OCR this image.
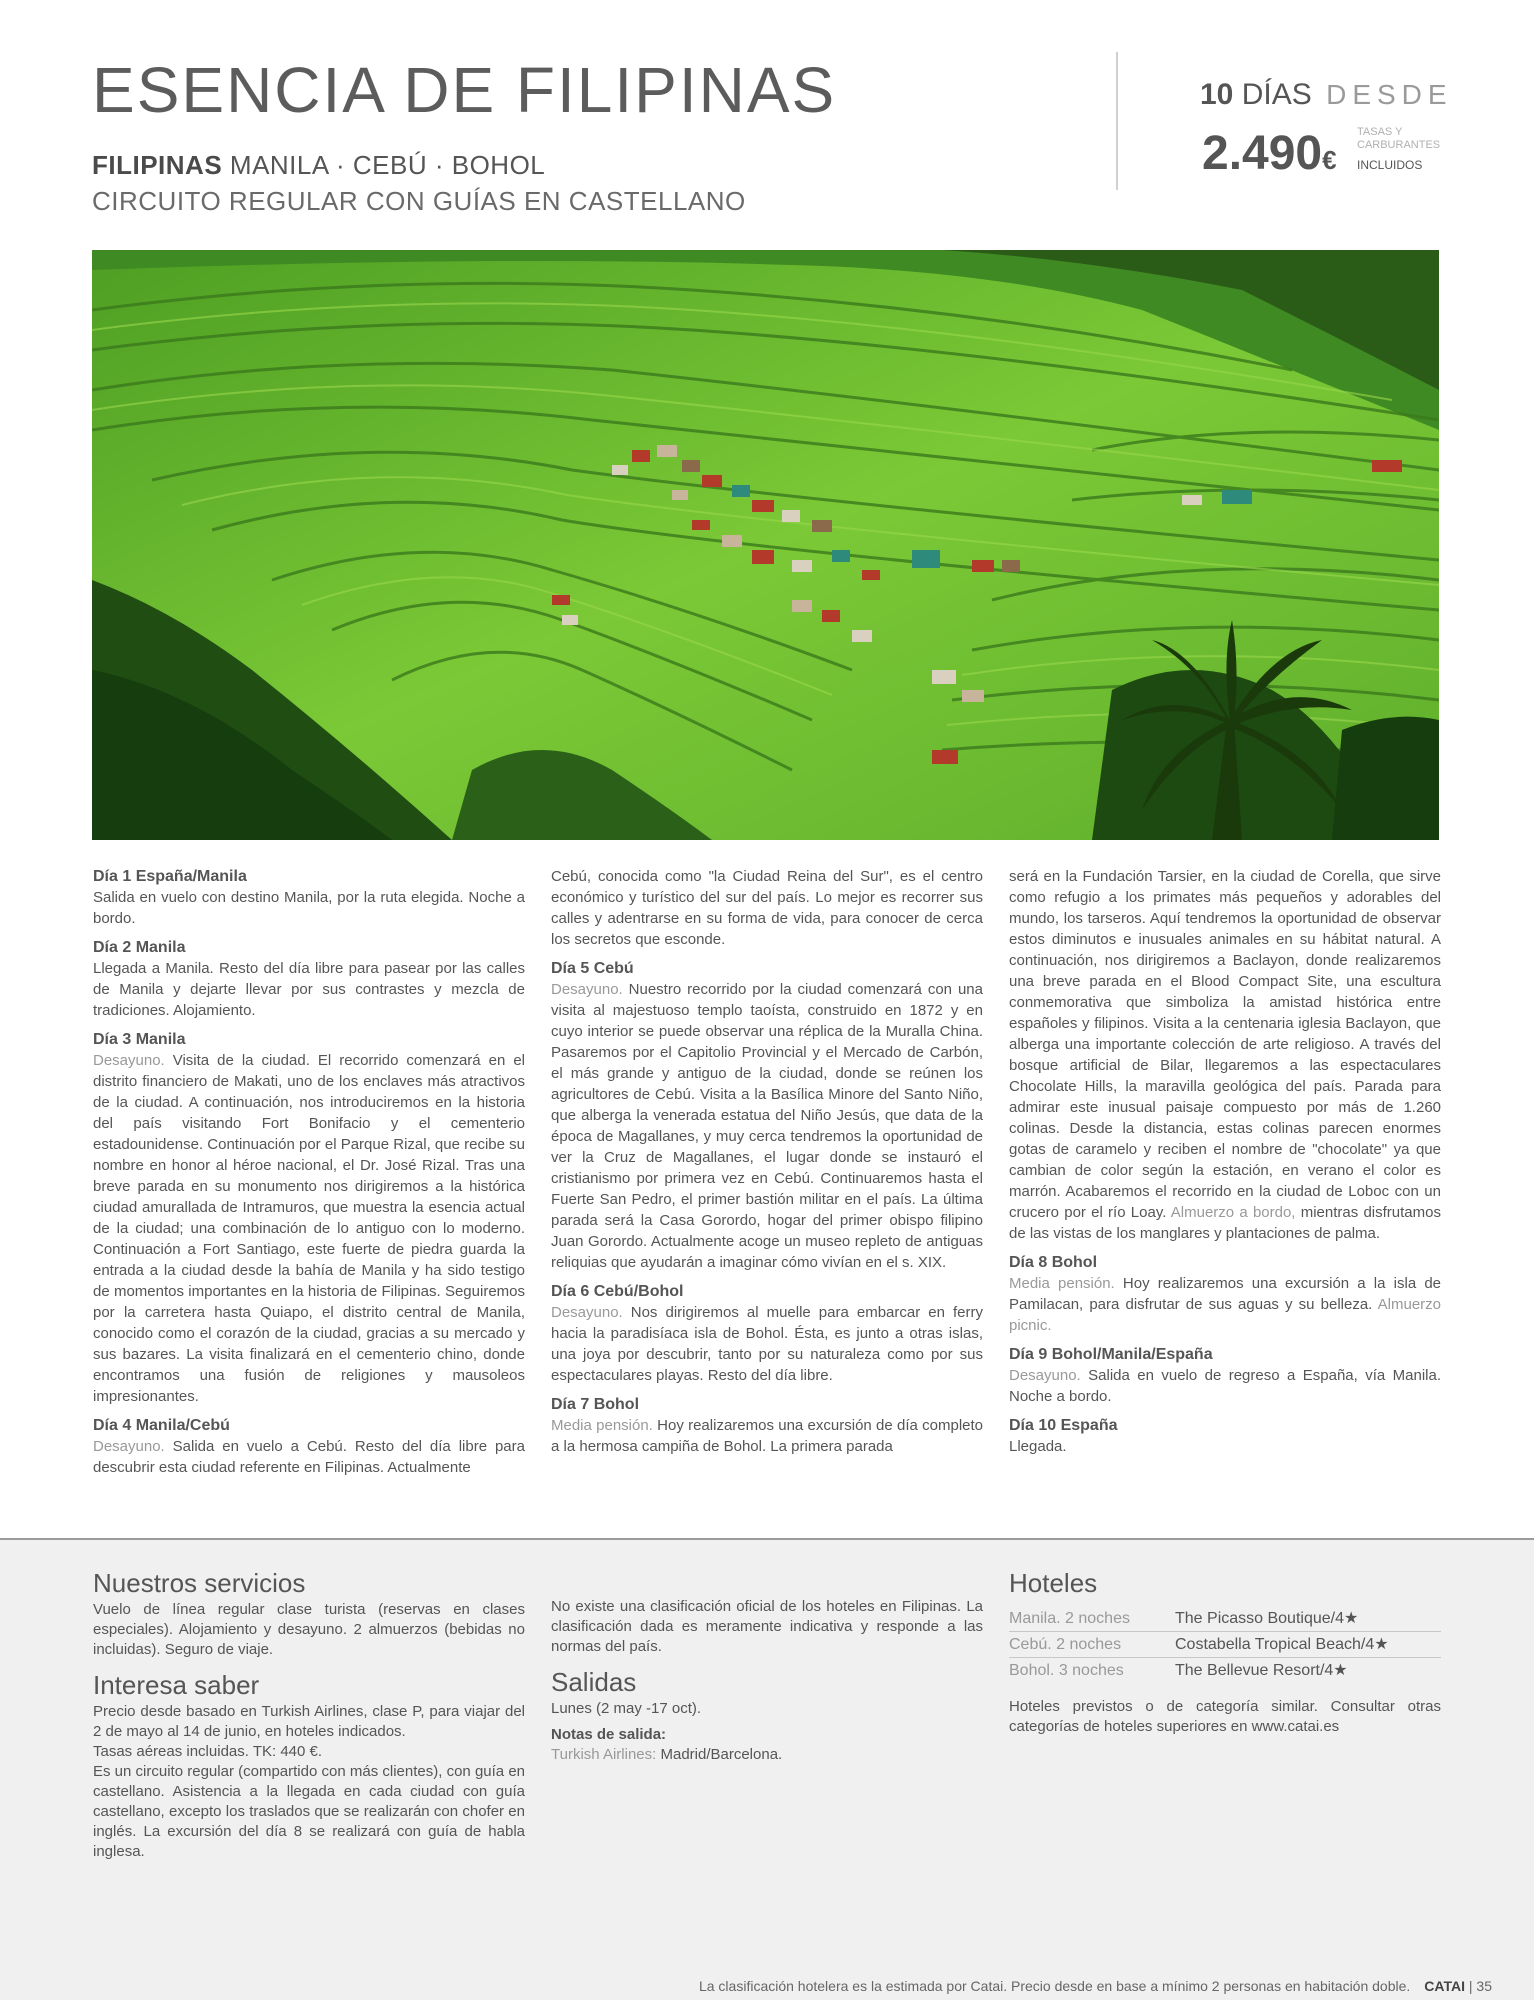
ESENCIA DE FILIPINAS
FILIPINAS MANILA · CEBÚ · BOHOL
CIRCUITO REGULAR CON GUÍAS EN CASTELLANO
10 DÍAS DESDE
2.490€
TASAS Y CARBURANTES
INCLUIDOS
Día 1 España/Manila

Salida en vuelo con destino Manila, por la ruta elegida. Noche a bordo.

Día 2 Manila

Llegada a Manila. Resto del día libre para pasear por las calles de Manila y dejarte llevar por sus contrastes y mezcla de tradiciones. Alojamiento.

Día 3 Manila

Desayuno. Visita de la ciudad. El recorrido comenzará en el distrito financiero de Makati, uno de los enclaves más atractivos de la ciudad. A continuación, nos introduciremos en la historia del país visitando Fort Bonifacio y el cementerio estadounidense. Continuación por el Parque Rizal, que recibe su nombre en honor al héroe nacional, el Dr. José Rizal. Tras una breve parada en su monumento nos dirigiremos a la histórica ciudad amurallada de Intramuros, que muestra la esencia actual de la ciudad; una combinación de lo antiguo con lo moderno. Continuación a Fort Santiago, este fuerte de piedra guarda la entrada a la ciudad desde la bahía de Manila y ha sido testigo de momentos importantes en la historia de Filipinas. Seguiremos por la carretera hasta Quiapo, el distrito central de Manila, conocido como el corazón de la ciudad, gracias a su mercado y sus bazares. La visita finalizará en el cementerio chino, donde encontramos una fusión de religiones y mausoleos impresionantes.

Día 4 Manila/Cebú

Desayuno. Salida en vuelo a Cebú. Resto del día libre para descubrir esta ciudad referente en Filipinas. Actualmente

Cebú, conocida como "la Ciudad Reina del Sur", es el centro económico y turístico del sur del país. Lo mejor es recorrer sus calles y adentrarse en su forma de vida, para conocer de cerca los secretos que esconde.

Día 5 Cebú

Desayuno. Nuestro recorrido por la ciudad comenzará con una visita al majestuoso templo taoísta, construido en 1872 y en cuyo interior se puede observar una réplica de la Muralla China. Pasaremos por el Capitolio Provincial y el Mercado de Carbón, el más grande y antiguo de la ciudad, donde se reúnen los agricultores de Cebú. Visita a la Basílica Minore del Santo Niño, que alberga la venerada estatua del Niño Jesús, que data de la época de Magallanes, y muy cerca tendremos la oportunidad de ver la Cruz de Magallanes, el lugar donde se instauró el cristianismo por primera vez en Cebú. Continuaremos hasta el Fuerte San Pedro, el primer bastión militar en el país. La última parada será la Casa Gorordo, hogar del primer obispo filipino Juan Gorordo. Actualmente acoge un museo repleto de antiguas reliquias que ayudarán a imaginar cómo vivían en el s. XIX.

Día 6 Cebú/Bohol

Desayuno. Nos dirigiremos al muelle para embarcar en ferry hacia la paradisíaca isla de Bohol. Ésta, es junto a otras islas, una joya por descubrir, tanto por su naturaleza como por sus espectaculares playas. Resto del día libre.

Día 7 Bohol

Media pensión. Hoy realizaremos una excursión de día completo a la hermosa campiña de Bohol. La primera parada

será en la Fundación Tarsier, en la ciudad de Corella, que sirve como refugio a los primates más pequeños y adorables del mundo, los tarseros. Aquí tendremos la oportunidad de observar estos diminutos e inusuales animales en su hábitat natural. A continuación, nos dirigiremos a Baclayon, donde realizaremos una breve parada en el Blood Compact Site, una escultura conmemorativa que simboliza la amistad histórica entre españoles y filipinos. Visita a la centenaria iglesia Baclayon, que alberga una importante colección de arte religioso. A través del bosque artificial de Bilar, llegaremos a las espectaculares Chocolate Hills, la maravilla geológica del país. Parada para admirar este inusual paisaje compuesto por más de 1.260 colinas. Desde la distancia, estas colinas parecen enormes gotas de caramelo y reciben el nombre de "chocolate" ya que cambian de color según la estación, en verano el color es marrón. Acabaremos el recorrido en la ciudad de Loboc con un crucero por el río Loay. Almuerzo a bordo, mientras disfrutamos de las vistas de los manglares y plantaciones de palma.

Día 8 Bohol

Media pensión. Hoy realizaremos una excursión a la isla de Pamilacan, para disfrutar de sus aguas y su belleza. Almuerzo picnic.

Día 9 Bohol/Manila/España

Desayuno. Salida en vuelo de regreso a España, vía Manila. Noche a bordo.

Día 10 España

Llegada.

Nuestros servicios

Vuelo de línea regular clase turista (reservas en clases especiales). Alojamiento y desayuno. 2 almuerzos (bebidas no incluidas). Seguro de viaje.

Interesa saber

Precio desde basado en Turkish Airlines, clase P, para viajar del 2 de mayo al 14 de junio, en hoteles indicados.

Tasas aéreas incluidas. TK: 440 €.

Es un circuito regular (compartido con más clientes), con guía en castellano. Asistencia a la llegada en cada ciudad con guía castellano, excepto los traslados que se realizarán con chofer en inglés. La excursión del día 8 se realizará con guía de habla inglesa.

No existe una clasificación oficial de los hoteles en Filipinas. La clasificación dada es meramente indicativa y responde a las normas del país.

Salidas

Lunes (2 may -17 oct).

Notas de salida:

Turkish Airlines: Madrid/Barcelona.

Hoteles
Manila. 2 noches	The Picasso Boutique/4★
Cebú. 2 noches	Costabella Tropical Beach/4★
Bohol. 3 noches	The Bellevue Resort/4★

Hoteles previstos o de categoría similar. Consultar otras categorías de hoteles superiores en www.catai.es

La clasificación hotelera es la estimada por Catai. Precio desde en base a mínimo 2 personas en habitación doble. CATAI | 35
